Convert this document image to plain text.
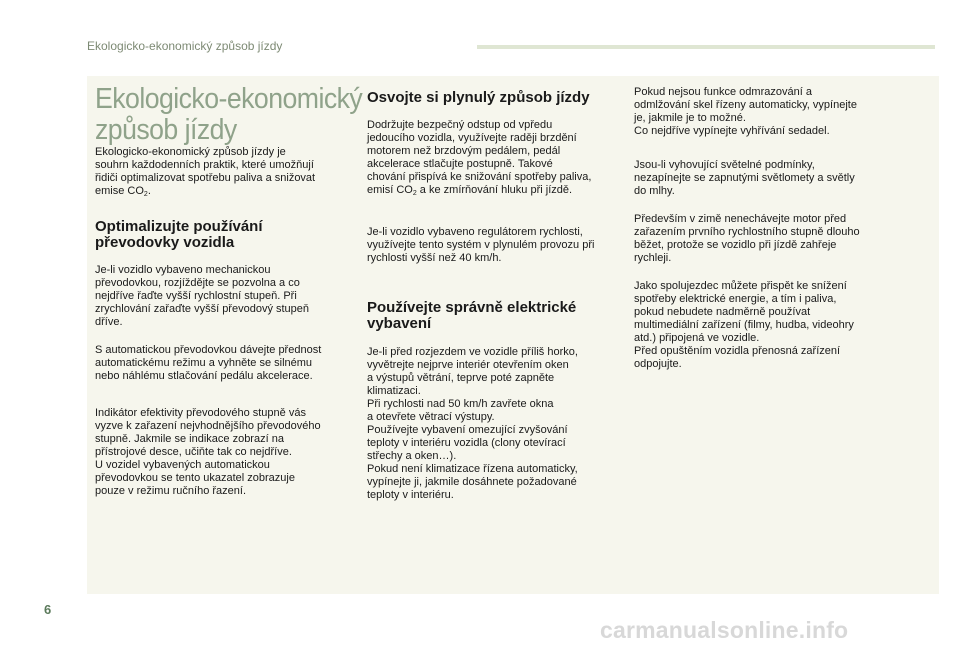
Ekologicko-ekonomický způsob jízdy

Ekologicko-ekonomický
způsob jízdy

Ekologicko-ekonomický způsob jízdy je
souhrn každodenních praktik, které umožňují
řidiči optimalizovat spotřebu paliva a snižovat
emise $CO_2$.

Optimalizujte používání
převodovky vozidla

Je-li vozidlo vybaveno mechanickou
převodovkou, rozjíždějte se pozvolna a co
nejdříve řaďte vyšší rychlostní stupeň. Při
zrychlování zařaďte vyšší převodový stupeň
dříve.

S automatickou převodovkou dávejte přednost
automatickému režimu a vyhněte se silnému
nebo náhlému stlačování pedálu akcelerace.

Indikátor efektivity převodového stupně vás
vyzve k zařazení nejvhodnějšího převodového
stupně. Jakmile se indikace zobrazí na
přístrojové desce, učiňte tak co nejdříve.
U vozidel vybavených automatickou
převodovkou se tento ukazatel zobrazuje
pouze v režimu ručního řazení.

Osvojte si plynulý způsob jízdy

Dodržujte bezpečný odstup od vpředu
jedoucího vozidla, využívejte raději brzdění
motorem než brzdovým pedálem, pedál
akcelerace stlačujte postupně. Takové
chování přispívá ke snižování spotřeby paliva,
emisí $CO_2$ a ke zmírňování hluku při jízdě.

Je-li vozidlo vybaveno regulátorem rychlosti,
využívejte tento systém v plynulém provozu při
rychlosti vyšší než 40 km/h.

Používejte správně elektrické
vybavení

Je-li před rozjezdem ve vozidle příliš horko,
vyvětrejte nejprve interiér otevřením oken
a výstupů větrání, teprve poté zapněte
klimatizaci.
Při rychlosti nad 50 km/h zavřete okna
a otevřete větrací výstupy.
Používejte vybavení omezující zvyšování
teploty v interiéru vozidla (clony otevírací
střechy a oken…).
Pokud není klimatizace řízena automaticky,
vypínejte ji, jakmile dosáhnete požadované
teploty v interiéru.

Pokud nejsou funkce odmrazování a
odmlžování skel řízeny automaticky, vypínejte
je, jakmile je to možné.
Co nejdříve vypínejte vyhřívání sedadel.

Jsou-li vyhovující světelné podmínky,
nezapínejte se zapnutými světlomety a světly
do mlhy.

Především v zimě nenechávejte motor před
zařazením prvního rychlostního stupně dlouho
běžet, protože se vozidlo při jízdě zahřeje
rychleji.

Jako spolujezdec můžete přispět ke snížení
spotřeby elektrické energie, a tím i paliva,
pokud nebudete nadměrně používat
multimediální zařízení (filmy, hudba, videohry
atd.) připojená ve vozidle.
Před opuštěním vozidla přenosná zařízení
odpojujte.

6
carmanualsonline.info
